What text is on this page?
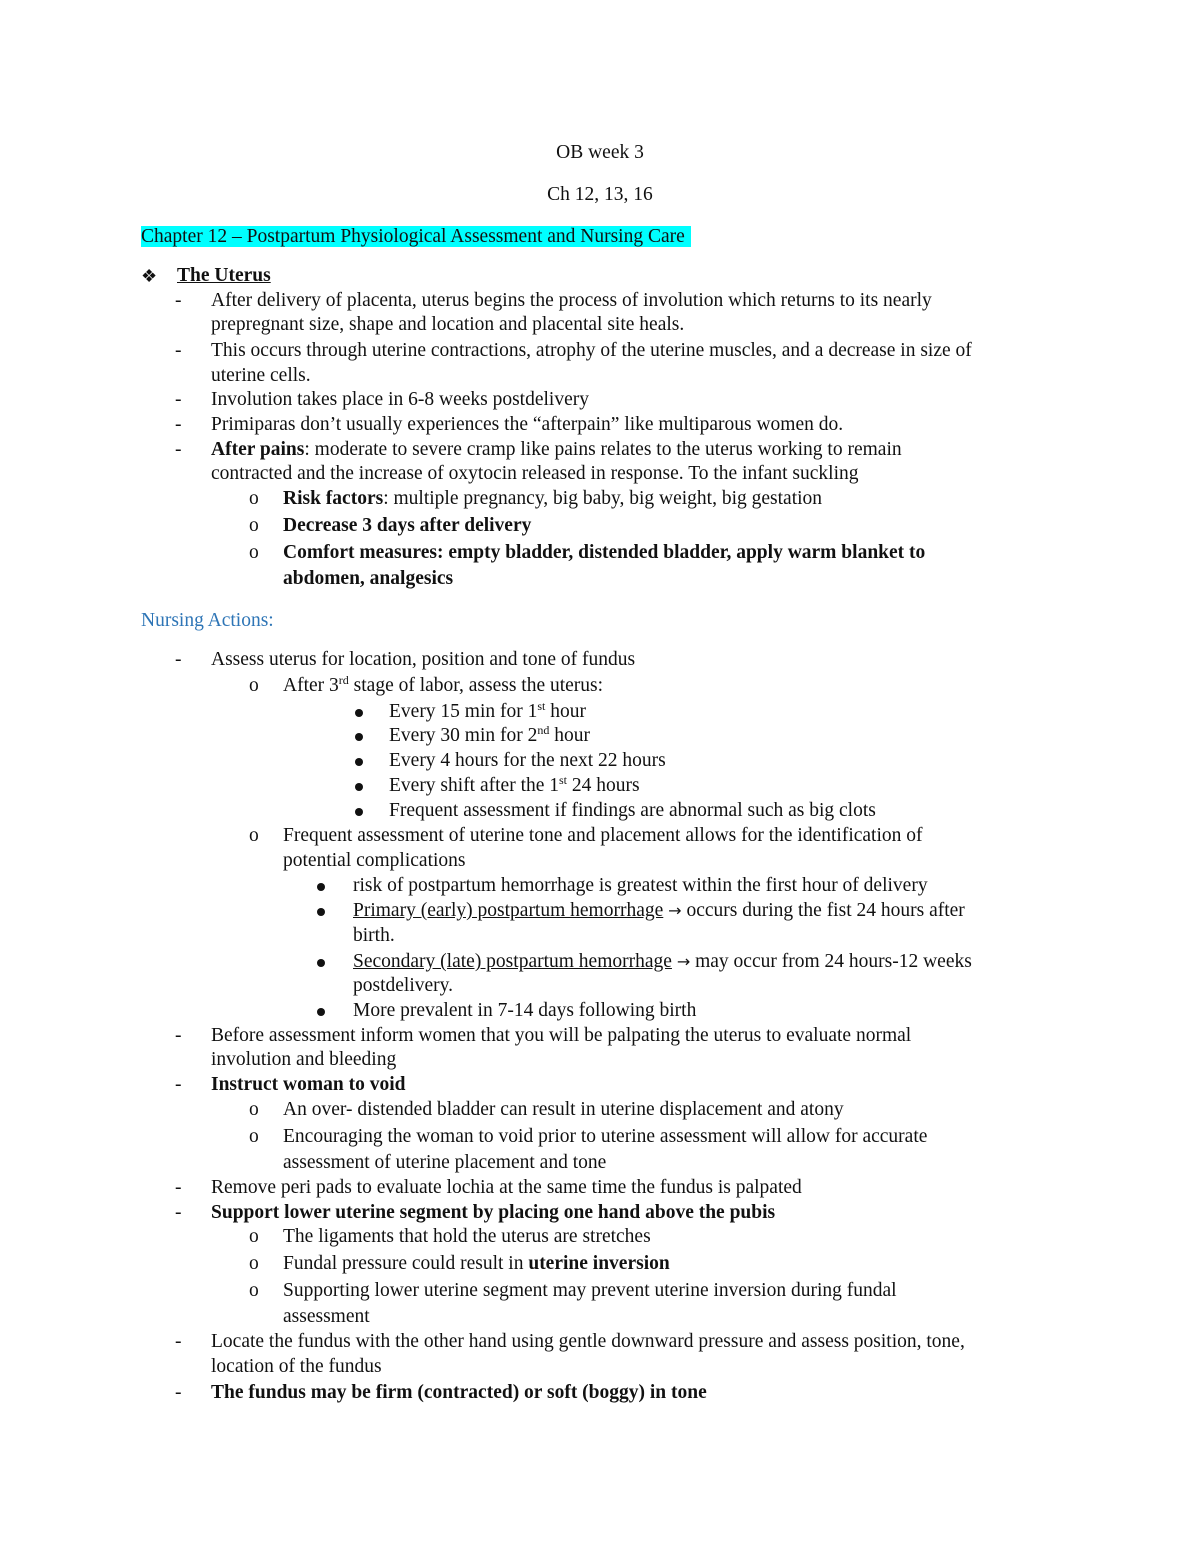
OB week 3
Ch 12, 13, 16
Chapter 12 – Postpartum Physiological Assessment and Nursing Care
❖ The Uterus
- After delivery of placenta, uterus begins the process of involution which returns to its nearly
prepregnant size, shape and location and placental site heals.
- This occurs through uterine contractions, atrophy of the uterine muscles, and a decrease in size of
uterine cells.
- Involution takes place in 6-8 weeks postdelivery
- Primiparas don’t usually experiences the “afterpain” like multiparous women do.
- After pains: moderate to severe cramp like pains relates to the uterus working to remain
contracted and the increase of oxytocin released in response. To the infant suckling
o Risk factors: multiple pregnancy, big baby, big weight, big gestation
o Decrease 3 days after delivery
o Comfort measures: empty bladder, distended bladder, apply warm blanket to
abdomen, analgesics
Nursing Actions:
- Assess uterus for location, position and tone of fundus
o After 3rd stage of labor, assess the uterus:
Every 15 min for 1st hour
Every 30 min for 2nd hour
Every 4 hours for the next 22 hours
Every shift after the 1st 24 hours
Frequent assessment if findings are abnormal such as big clots
o Frequent assessment of uterine tone and placement allows for the identification of
potential complications
risk of postpartum hemorrhage is greatest within the first hour of delivery
Primary (early) postpartum hemorrhage → occurs during the fist 24 hours after
birth.
Secondary (late) postpartum hemorrhage → may occur from 24 hours-12 weeks
postdelivery.
More prevalent in 7-14 days following birth
- Before assessment inform women that you will be palpating the uterus to evaluate normal
involution and bleeding
- Instruct woman to void
o An over- distended bladder can result in uterine displacement and atony
o Encouraging the woman to void prior to uterine assessment will allow for accurate
assessment of uterine placement and tone
- Remove peri pads to evaluate lochia at the same time the fundus is palpated
- Support lower uterine segment by placing one hand above the pubis
o The ligaments that hold the uterus are stretches
o Fundal pressure could result in uterine inversion
o Supporting lower uterine segment may prevent uterine inversion during fundal
assessment
- Locate the fundus with the other hand using gentle downward pressure and assess position, tone,
location of the fundus
- The fundus may be firm (contracted) or soft (boggy) in tone
